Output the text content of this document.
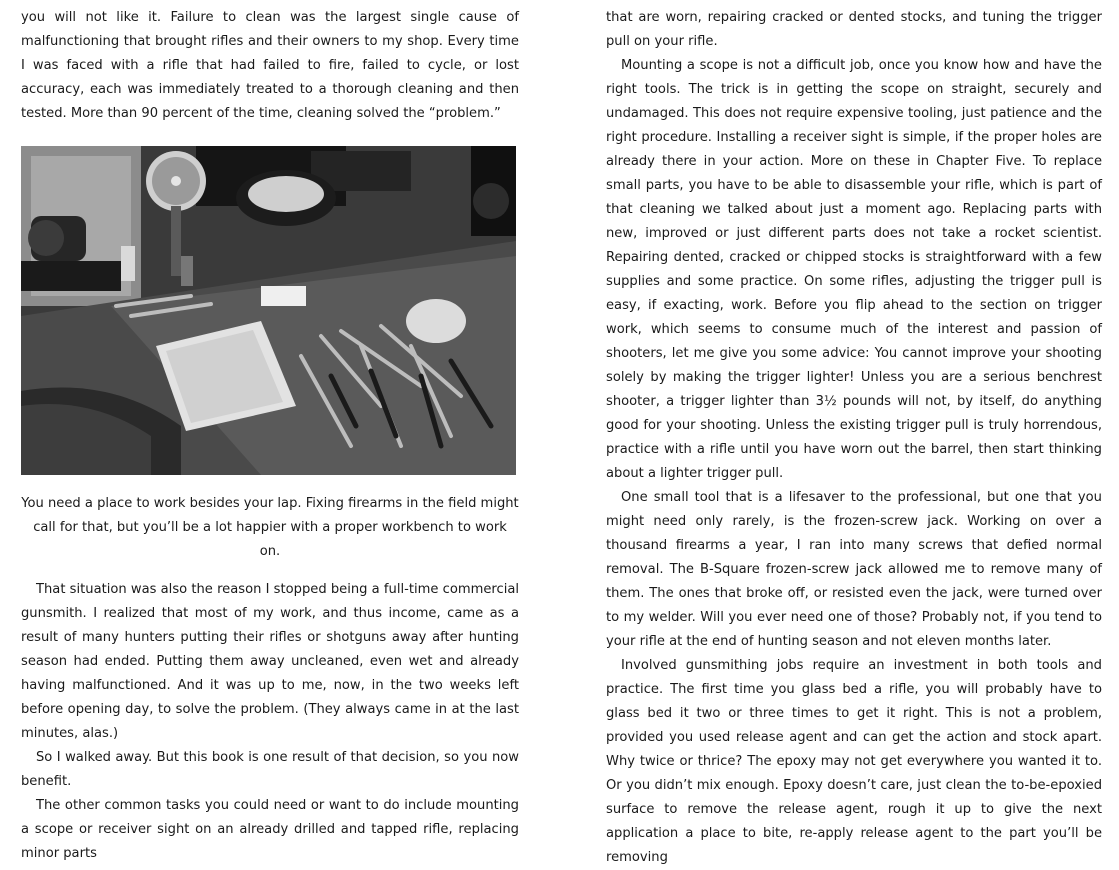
you will not like it. Failure to clean was the largest single cause of malfunctioning that brought rifles and their owners to my shop. Every time I was faced with a rifle that had failed to fire, failed to cycle, or lost accuracy, each was immediately treated to a thorough cleaning and then tested. More than 90 percent of the time, cleaning solved the “problem.”

You need a place to work besides your lap. Fixing firearms in the field might call for that, but you’ll be a lot happier with a proper workbench to work on.

That situation was also the reason I stopped being a full-time commercial gunsmith. I realized that most of my work, and thus income, came as a result of many hunters putting their rifles or shotguns away after hunting season had ended. Putting them away uncleaned, even wet and already having malfunctioned. And it was up to me, now, in the two weeks left before opening day, to solve the problem. (They always came in at the last minutes, alas.)

So I walked away. But this book is one result of that decision, so you now benefit.

The other common tasks you could need or want to do include mounting a scope or receiver sight on an already drilled and tapped rifle, replacing minor parts

that are worn, repairing cracked or dented stocks, and tuning the trigger pull on your rifle.

Mounting a scope is not a difficult job, once you know how and have the right tools. The trick is in getting the scope on straight, securely and undamaged. This does not require expensive tooling, just patience and the right procedure. Installing a receiver sight is simple, if the proper holes are already there in your action. More on these in Chapter Five. To replace small parts, you have to be able to disassemble your rifle, which is part of that cleaning we talked about just a moment ago. Replacing parts with new, improved or just different parts does not take a rocket scientist. Repairing dented, cracked or chipped stocks is straightforward with a few supplies and some practice. On some rifles, adjusting the trigger pull is easy, if exacting, work. Before you flip ahead to the section on trigger work, which seems to consume much of the interest and passion of shooters, let me give you some advice: You cannot improve your shooting solely by making the trigger lighter! Unless you are a serious benchrest shooter, a trigger lighter than 3½ pounds will not, by itself, do anything good for your shooting. Unless the existing trigger pull is truly horrendous, practice with a rifle until you have worn out the barrel, then start thinking about a lighter trigger pull.

One small tool that is a lifesaver to the professional, but one that you might need only rarely, is the frozen-screw jack. Working on over a thousand firearms a year, I ran into many screws that defied normal removal. The B-Square frozen-screw jack allowed me to remove many of them. The ones that broke off, or resisted even the jack, were turned over to my welder. Will you ever need one of those? Probably not, if you tend to your rifle at the end of hunting season and not eleven months later.

Involved gunsmithing jobs require an investment in both tools and practice. The first time you glass bed a rifle, you will probably have to glass bed it two or three times to get it right. This is not a problem, provided you used release agent and can get the action and stock apart. Why twice or thrice? The epoxy may not get everywhere you wanted it to. Or you didn’t mix enough. Epoxy doesn’t care, just clean the to-be-epoxied surface to remove the release agent, rough it up to give the next application a place to bite, re-apply release agent to the part you’ll be removing
